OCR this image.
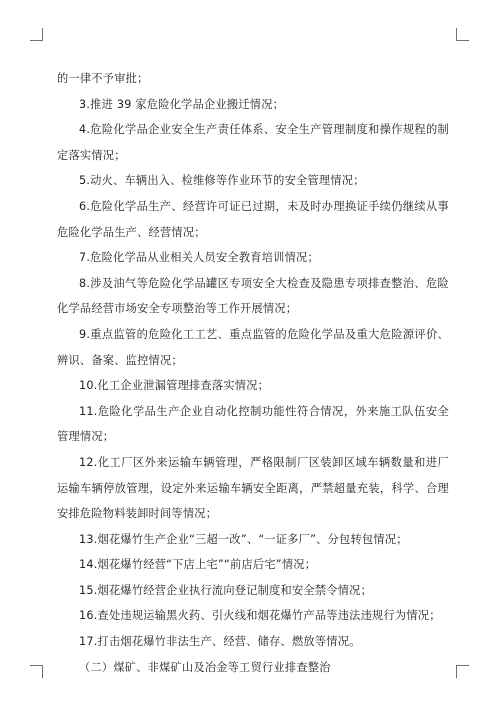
的一律不予审批；

3.推进 39 家危险化学品企业搬迁情况；

4.危险化学品企业安全生产责任体系、安全生产管理制度和操作规程的制定落实情况；

5.动火、车辆出入、检维修等作业环节的安全管理情况；

6.危险化学品生产、经营许可证已过期，未及时办理换证手续仍继续从事危险化学品生产、经营情况；

7.危险化学品从业相关人员安全教育培训情况；

8.涉及油气等危险化学品罐区专项安全大检查及隐患专项排查整治、危险化学品经营市场安全专项整治等工作开展情况；

9.重点监管的危险化工工艺、重点监管的危险化学品及重大危险源评价、辨识、备案、监控情况；

10.化工企业泄漏管理排查落实情况；

11.危险化学品生产企业自动化控制功能性符合情况，外来施工队伍安全管理情况；

12.化工厂区外来运输车辆管理，严格限制厂区装卸区域车辆数量和进厂运输车辆停放管理，设定外来运输车辆安全距离，严禁超量充装，科学、合理安排危险物料装卸时间等情况；

13.烟花爆竹生产企业“三超一改”、“一证多厂”、分包转包情况；

14.烟花爆竹经营“下店上宅”“前店后宅”情况；

15.烟花爆竹经营企业执行流向登记制度和安全禁令情况；

16.查处违规运输黑火药、引火线和烟花爆竹产品等违法违规行为情况；

17.打击烟花爆竹非法生产、经营、储存、燃放等情况。

（二）煤矿、非煤矿山及冶金等工贸行业排查整治
